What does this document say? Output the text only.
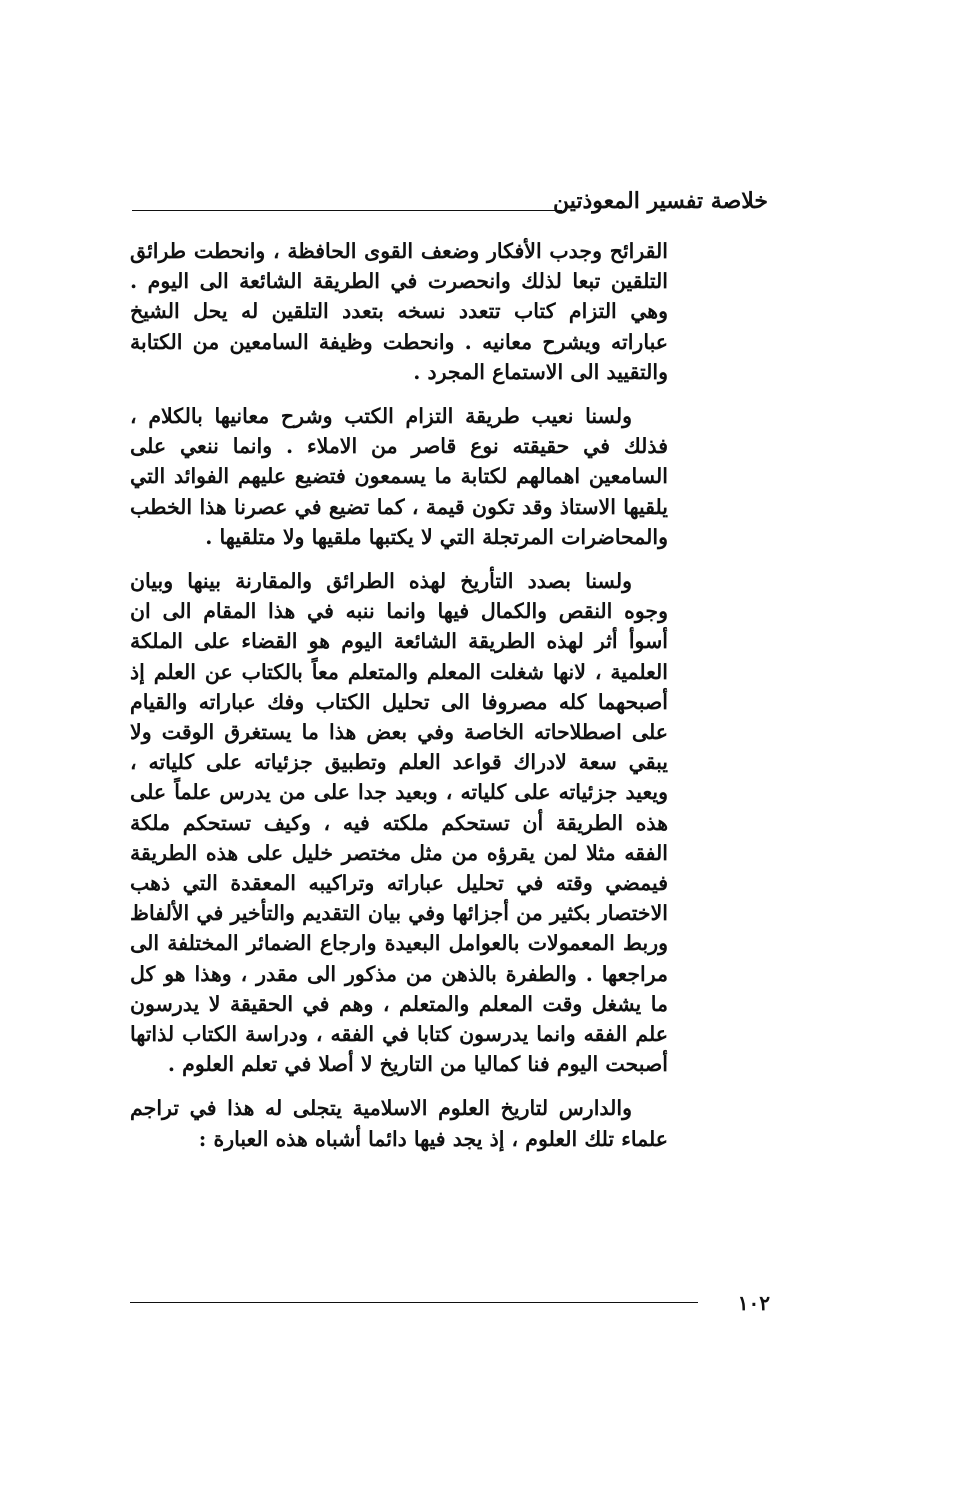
خلاصة تفسير المعوذتين

القرائح وجدب الأفكار وضعف القوى الحافظة ، وانحطت طرائق التلقين تبعا لذلك وانحصرت في الطريقة الشائعة الى اليوم . وهي التزام كتاب تتعدد نسخه بتعدد التلقين له يحل الشيخ عباراته ويشرح معانيه . وانحطت وظيفة السامعين من الكتابة والتقييد الى الاستماع المجرد .

ولسنا نعيب طريقة التزام الكتب وشرح معانيها بالكلام ، فذلك في حقيقته نوع قاصر من الاملاء . وانما ننعي على السامعين اهمالهم لكتابة ما يسمعون فتضيع عليهم الفوائد التي يلقيها الاستاذ وقد تكون قيمة ، كما تضيع في عصرنا هذا الخطب والمحاضرات المرتجلة التي لا يكتبها ملقيها ولا متلقيها .

ولسنا بصدد التأريخ لهذه الطرائق والمقارنة بينها وبيان وجوه النقص والكمال فيها وانما ننبه في هذا المقام الى ان أسوأ أثر لهذه الطريقة الشائعة اليوم هو القضاء على الملكة العلمية ، لانها شغلت المعلم والمتعلم معاً بالكتاب عن العلم إذ أصبحهما كله مصروفا الى تحليل الكتاب وفك عباراته والقيام على اصطلاحاته الخاصة وفي بعض هذا ما يستغرق الوقت ولا يبقي سعة لادراك قواعد العلم وتطبيق جزئياته على كلياته ، ويعيد جزئياته على كلياته ، وبعيد جدا على من يدرس علماً على هذه الطريقة أن تستحكم ملكته فيه ، وكيف تستحكم ملكة الفقه مثلا لمن يقرؤه من مثل مختصر خليل على هذه الطريقة فيمضي وقته في تحليل عباراته وتراكيبه المعقدة التي ذهب الاختصار بكثير من أجزائها وفي بيان التقديم والتأخير في الألفاظ وربط المعمولات بالعوامل البعيدة وارجاع الضمائر المختلفة الى مراجعها . والطفرة بالذهن من مذكور الى مقدر ، وهذا هو كل ما يشغل وقت المعلم والمتعلم ، وهم في الحقيقة لا يدرسون علم الفقه وانما يدرسون كتابا في الفقه ، ودراسة الكتاب لذاتها أصبحت اليوم فنا كماليا من التاريخ لا أصلا في تعلم العلوم .

والدارس لتاريخ العلوم الاسلامية يتجلى له هذا في تراجم علماء تلك العلوم ، إذ يجد فيها دائما أشباه هذه العبارة :

١٠٢
